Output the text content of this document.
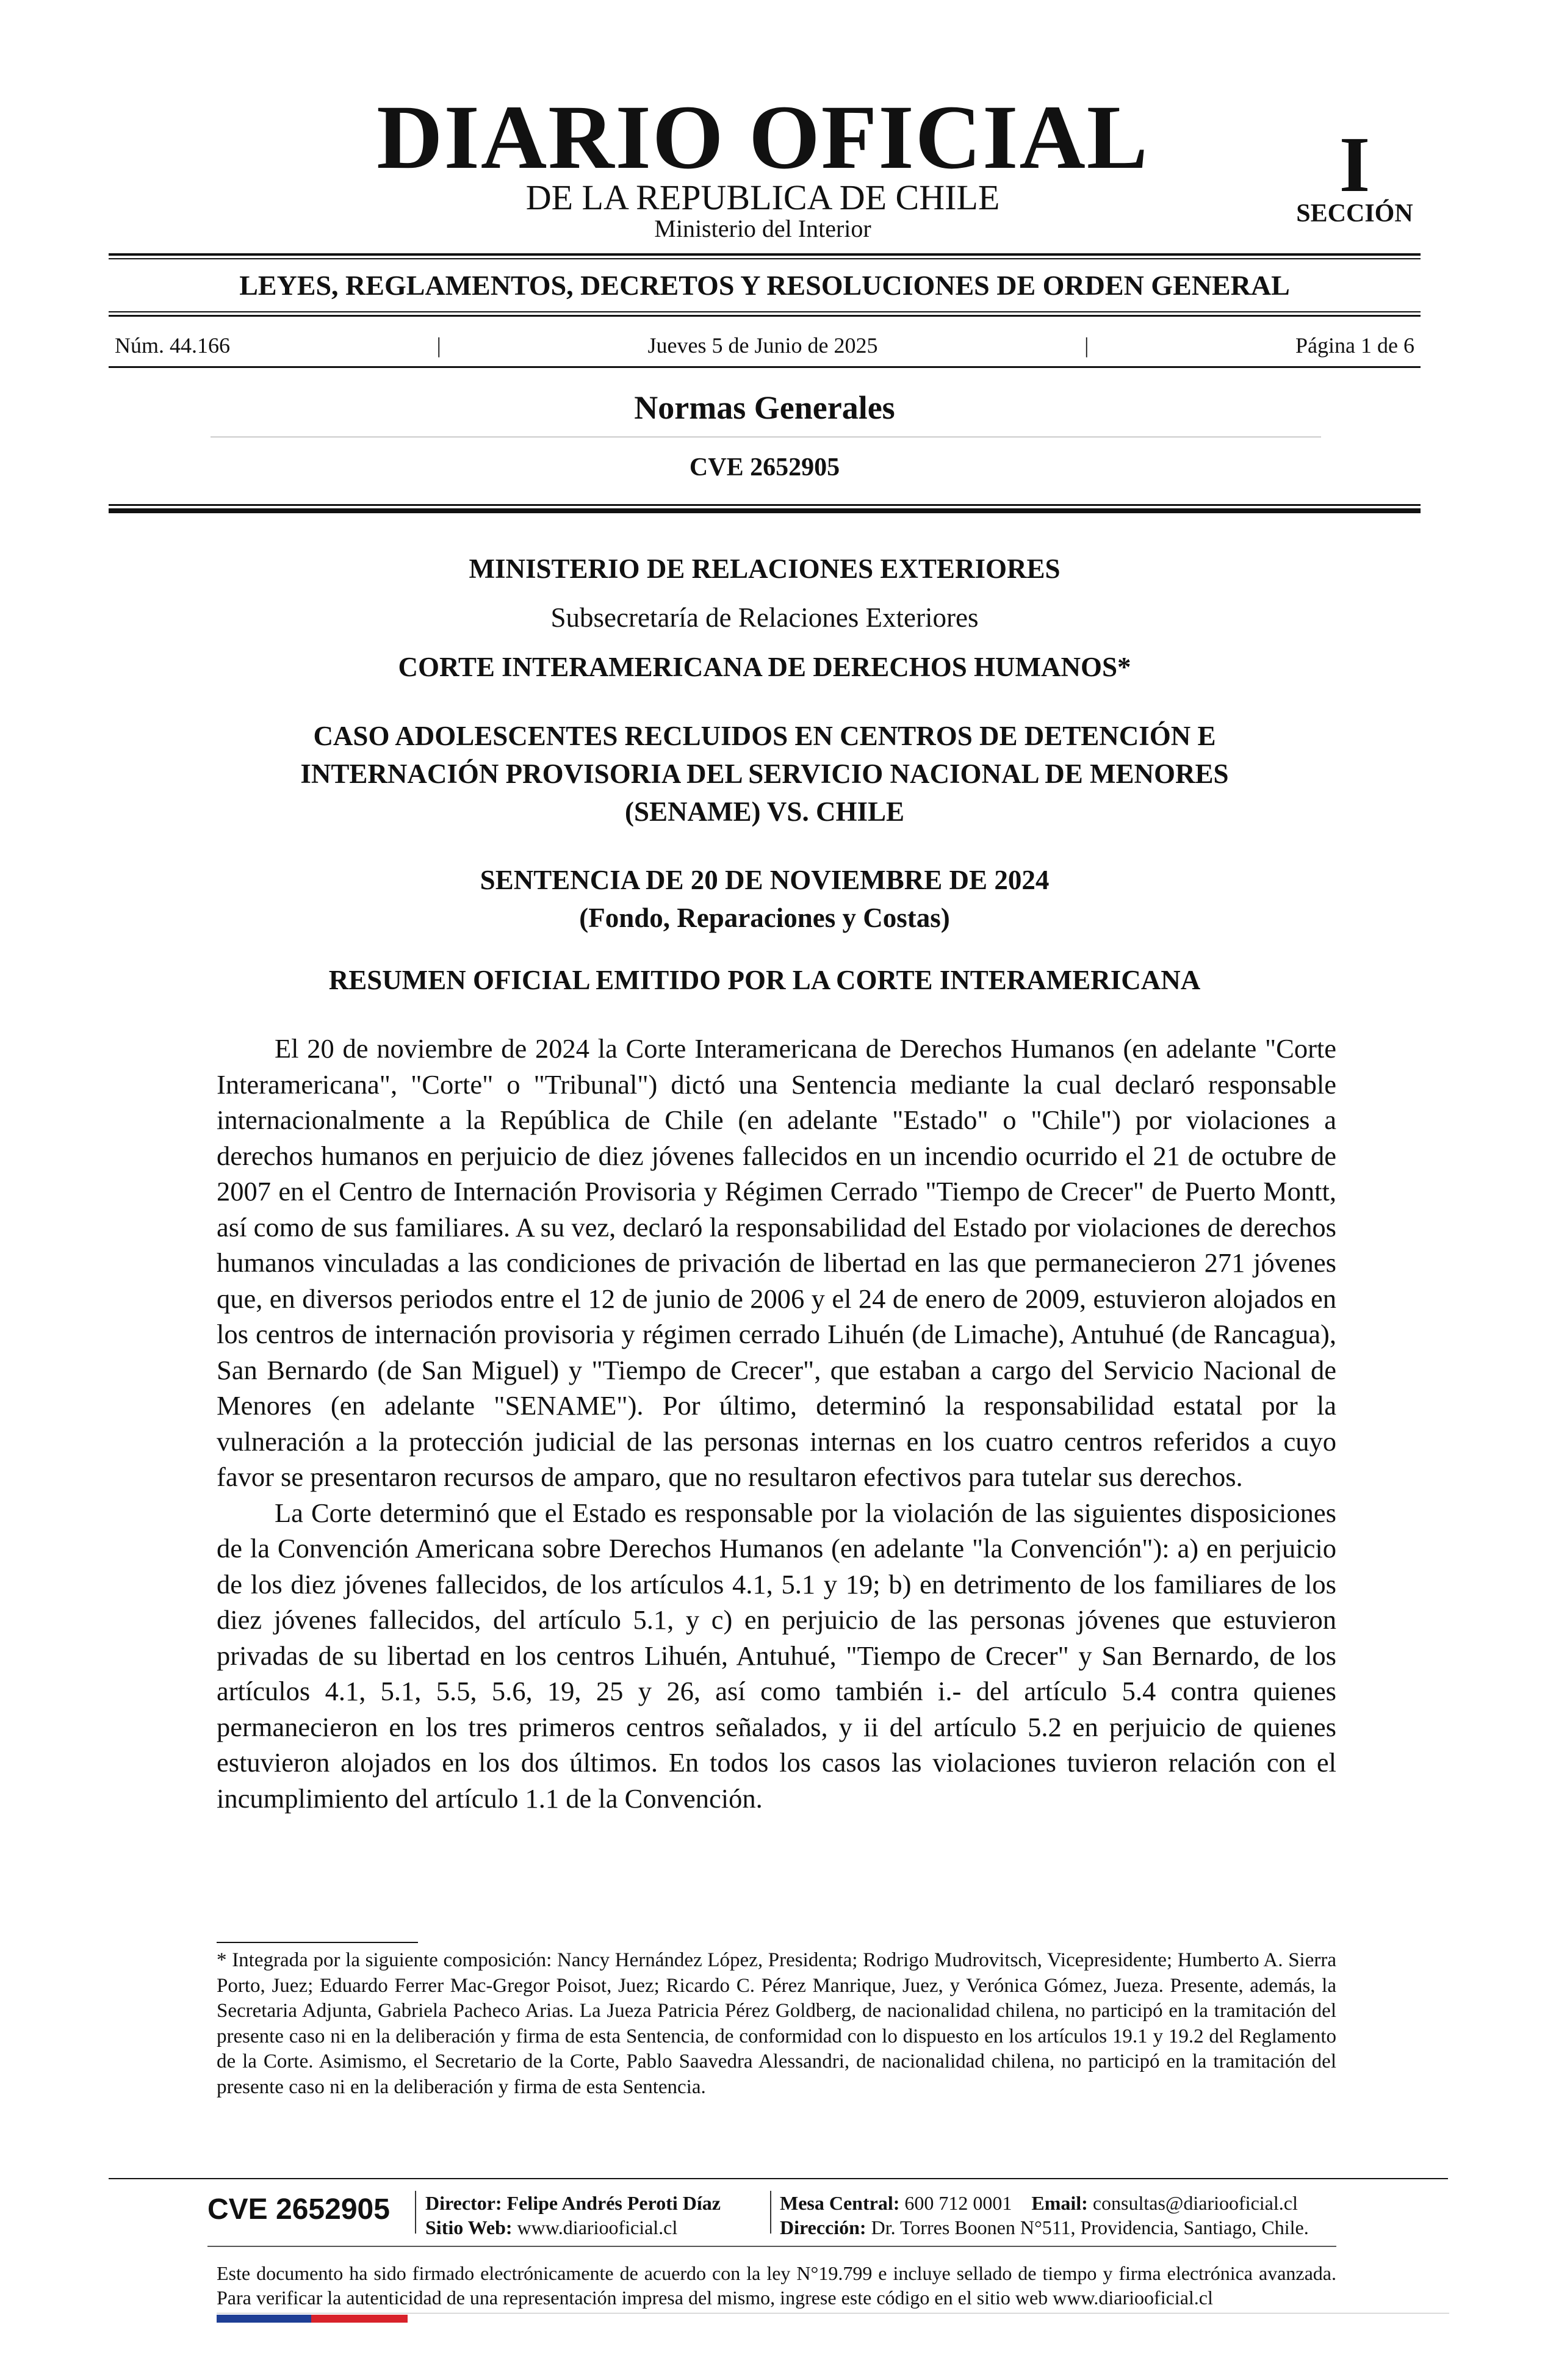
DIARIO OFICIAL
DE LA REPUBLICA DE CHILE
Ministerio del Interior
I
SECCIÓN
LEYES, REGLAMENTOS, DECRETOS Y RESOLUCIONES DE ORDEN GENERAL
Núm. 44.166	|	Jueves 5 de Junio de 2025	|	Página 1 de 6
Normas Generales
CVE 2652905
MINISTERIO DE RELACIONES EXTERIORES
Subsecretaría de Relaciones Exteriores
CORTE INTERAMERICANA DE DERECHOS HUMANOS*
CASO ADOLESCENTES RECLUIDOS EN CENTROS DE DETENCIÓN E
INTERNACIÓN PROVISORIA DEL SERVICIO NACIONAL DE MENORES
(SENAME) VS. CHILE
SENTENCIA DE 20 DE NOVIEMBRE DE 2024
(Fondo, Reparaciones y Costas)
RESUMEN OFICIAL EMITIDO POR LA CORTE INTERAMERICANA

El 20 de noviembre de 2024 la Corte Interamericana de Derechos Humanos (en adelante "Corte Interamericana", "Corte" o "Tribunal") dictó una Sentencia mediante la cual declaró responsable internacionalmente a la República de Chile (en adelante "Estado" o "Chile") por violaciones a derechos humanos en perjuicio de diez jóvenes fallecidos en un incendio ocurrido el 21 de octubre de 2007 en el Centro de Internación Provisoria y Régimen Cerrado "Tiempo de Crecer" de Puerto Montt, así como de sus familiares. A su vez, declaró la responsabilidad del Estado por violaciones de derechos humanos vinculadas a las condiciones de privación de libertad en las que permanecieron 271 jóvenes que, en diversos periodos entre el 12 de junio de 2006 y el 24 de enero de 2009, estuvieron alojados en los centros de internación provisoria y régimen cerrado Lihuén (de Limache), Antuhué (de Rancagua), San Bernardo (de San Miguel) y "Tiempo de Crecer", que estaban a cargo del Servicio Nacional de Menores (en adelante "SENAME"). Por último, determinó la responsabilidad estatal por la vulneración a la protección judicial de las personas internas en los cuatro centros referidos a cuyo favor se presentaron recursos de amparo, que no resultaron efectivos para tutelar sus derechos.

La Corte determinó que el Estado es responsable por la violación de las siguientes disposiciones de la Convención Americana sobre Derechos Humanos (en adelante "la Convención"): a) en perjuicio de los diez jóvenes fallecidos, de los artículos 4.1, 5.1 y 19; b) en detrimento de los familiares de los diez jóvenes fallecidos, del artículo 5.1, y c) en perjuicio de las personas jóvenes que estuvieron privadas de su libertad en los centros Lihuén, Antuhué, "Tiempo de Crecer" y San Bernardo, de los artículos 4.1, 5.1, 5.5, 5.6, 19, 25 y 26, así como también i.- del artículo 5.4 contra quienes permanecieron en los tres primeros centros señalados, y ii del artículo 5.2 en perjuicio de quienes estuvieron alojados en los dos últimos. En todos los casos las violaciones tuvieron relación con el incumplimiento del artículo 1.1 de la Convención.

* Integrada por la siguiente composición: Nancy Hernández López, Presidenta; Rodrigo Mudrovitsch, Vicepresidente; Humberto A. Sierra Porto, Juez; Eduardo Ferrer Mac-Gregor Poisot, Juez; Ricardo C. Pérez Manrique, Juez, y Verónica Gómez, Jueza. Presente, además, la Secretaria Adjunta, Gabriela Pacheco Arias. La Jueza Patricia Pérez Goldberg, de nacionalidad chilena, no participó en la tramitación del presente caso ni en la deliberación y firma de esta Sentencia, de conformidad con lo dispuesto en los artículos 19.1 y 19.2 del Reglamento de la Corte. Asimismo, el Secretario de la Corte, Pablo Saavedra Alessandri, de nacionalidad chilena, no participó en la tramitación del presente caso ni en la deliberación y firma de esta Sentencia.
CVE 2652905	Director: Felipe Andrés Peroti Díaz
Sitio Web: www.diariooficial.cl
Mesa Central: 600 712 0001 Email: consultas@diariooficial.cl
Dirección: Dr. Torres Boonen N°511, Providencia, Santiago, Chile.
Este documento ha sido firmado electrónicamente de acuerdo con la ley N°19.799 e incluye sellado de tiempo y firma electrónica avanzada. Para verificar la autenticidad de una representación impresa del mismo, ingrese este código en el sitio web www.diariooficial.cl
